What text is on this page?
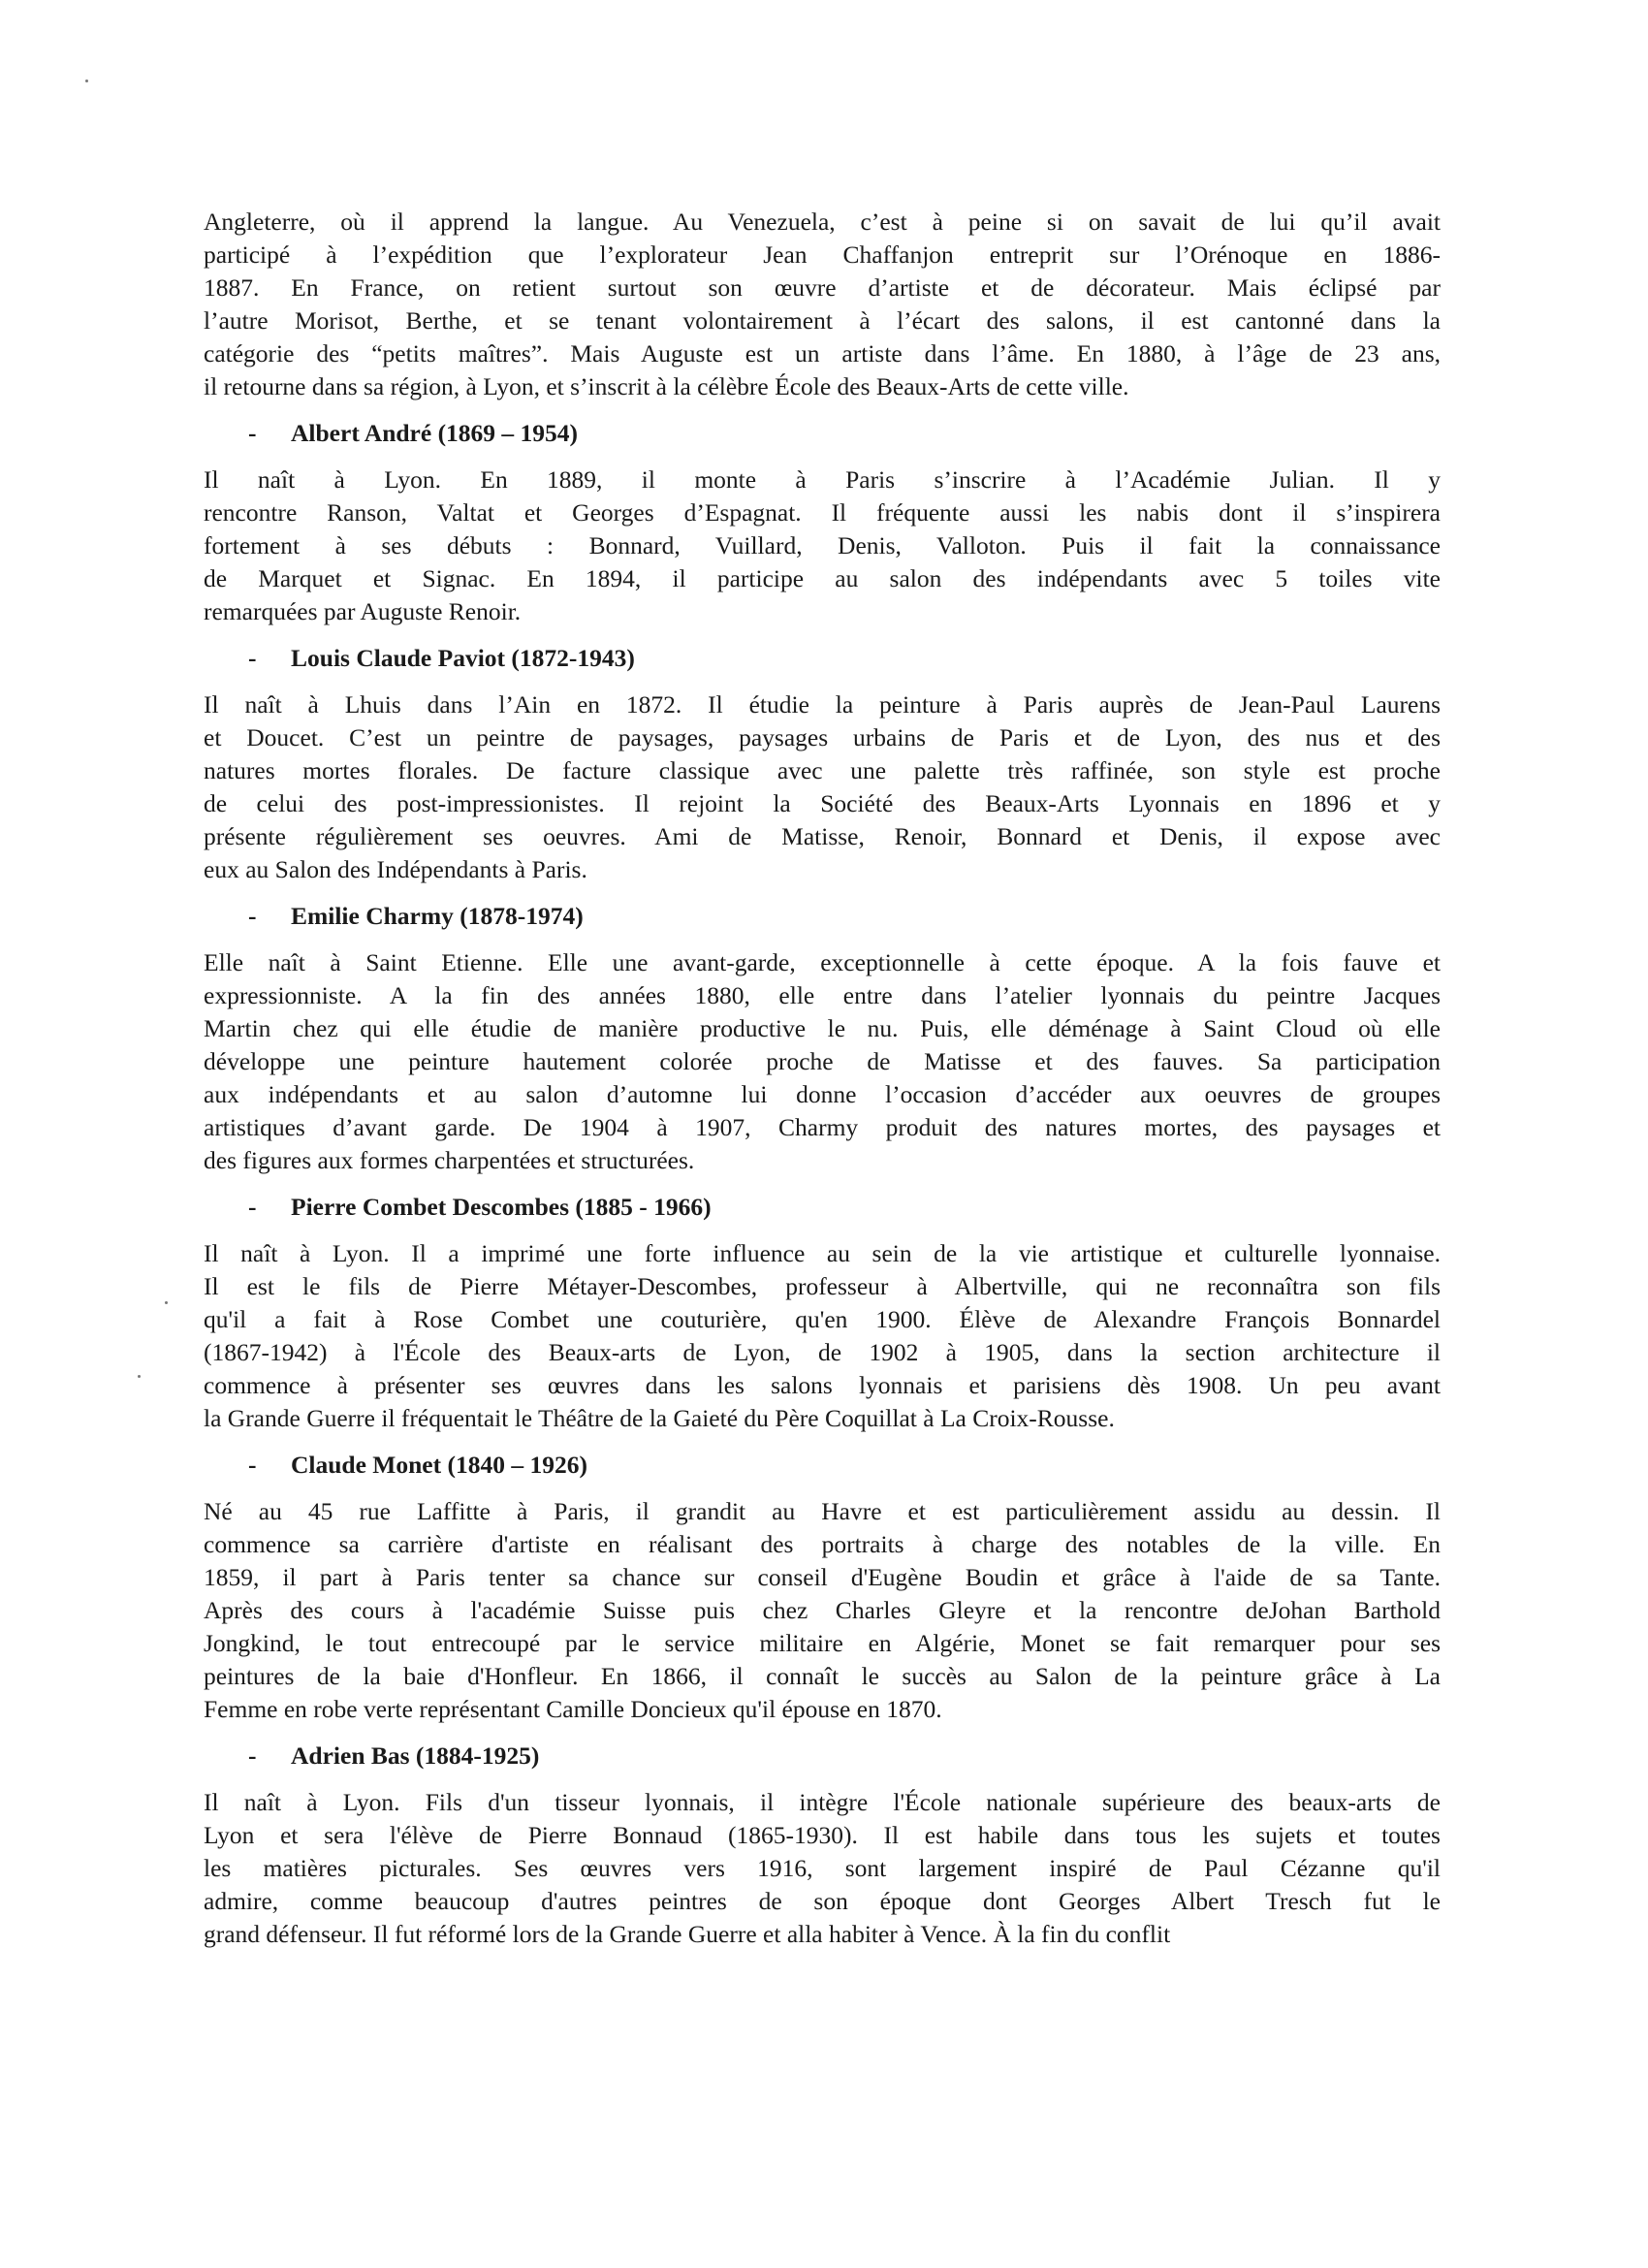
Angleterre, où il apprend la langue. Au Venezuela, c’est à peine si on savait de lui qu’il avait
participé à l’expédition que l’explorateur Jean Chaffanjon entreprit sur l’Orénoque en 1886-
1887. En France, on retient surtout son œuvre d’artiste et de décorateur. Mais éclipsé par
l’autre Morisot, Berthe, et se tenant volontairement à l’écart des salons, il est cantonné dans la
catégorie des “petits maîtres”. Mais Auguste est un artiste dans l’âme. En 1880, à l’âge de 23 ans,
il retourne dans sa région, à Lyon, et s’inscrit à la célèbre École des Beaux-Arts de cette ville.

-	Albert André (1869 – 1954)

Il naît à Lyon. En 1889, il monte à Paris s’inscrire à l’Académie Julian. Il y
rencontre Ranson, Valtat et Georges d’Espagnat. Il fréquente aussi les nabis dont il s’inspirera
fortement à ses débuts : Bonnard, Vuillard, Denis, Valloton. Puis il fait la connaissance
de Marquet et Signac. En 1894, il participe au salon des indépendants avec 5 toiles vite
remarquées par Auguste Renoir.

-	Louis Claude Paviot (1872-1943)

Il naît à Lhuis dans l’Ain en 1872. Il étudie la peinture à Paris auprès de Jean-Paul Laurens
et Doucet. C’est un peintre de paysages, paysages urbains de Paris et de Lyon, des nus et des
natures mortes florales. De facture classique avec une palette très raffinée, son style est proche
de celui des post-impressionistes. Il rejoint la Société des Beaux-Arts Lyonnais en 1896 et y
présente régulièrement ses oeuvres. Ami de Matisse, Renoir, Bonnard et Denis, il expose avec
eux au Salon des Indépendants à Paris.

-	Emilie Charmy (1878-1974)

Elle naît à Saint Etienne. Elle une avant-garde, exceptionnelle à cette époque. A la fois fauve et
expressionniste. A la fin des années 1880, elle entre dans l’atelier lyonnais du peintre Jacques
Martin chez qui elle étudie de manière productive le nu. Puis, elle déménage à Saint Cloud où elle
développe une peinture hautement colorée proche de Matisse et des fauves. Sa participation
aux indépendants et au salon d’automne lui donne l’occasion d’accéder aux oeuvres de groupes
artistiques d’avant garde. De 1904 à 1907, Charmy produit des natures mortes, des paysages et
des figures aux formes charpentées et structurées.

-	Pierre Combet Descombes (1885 - 1966)

Il naît à Lyon. Il a imprimé une forte influence au sein de la vie artistique et culturelle lyonnaise.
Il est le fils de Pierre Métayer-Descombes, professeur à Albertville, qui ne reconnaîtra son fils
qu'il a fait à Rose Combet une couturière, qu'en 1900. Élève de Alexandre François Bonnardel
(1867-1942) à l'École des Beaux-arts de Lyon, de 1902 à 1905, dans la section architecture il
commence à présenter ses œuvres dans les salons lyonnais et parisiens dès 1908. Un peu avant
la Grande Guerre il fréquentait le Théâtre de la Gaieté du Père Coquillat à La Croix-Rousse.

-	Claude Monet (1840 – 1926)

Né au 45 rue Laffitte à Paris, il grandit au Havre et est particulièrement assidu au dessin. Il
commence sa carrière d'artiste en réalisant des portraits à charge des notables de la ville. En
1859, il part à Paris tenter sa chance sur conseil d'Eugène Boudin et grâce à l'aide de sa Tante.
Après des cours à l'académie Suisse puis chez Charles Gleyre et la rencontre deJohan Barthold
Jongkind, le tout entrecoupé par le service militaire en Algérie, Monet se fait remarquer pour ses
peintures de la baie d'Honfleur. En 1866, il connaît le succès au Salon de la peinture grâce à La
Femme en robe verte représentant Camille Doncieux qu'il épouse en 1870.

-	Adrien Bas (1884-1925)

Il naît à Lyon. Fils d'un tisseur lyonnais, il intègre l'École nationale supérieure des beaux-arts de
Lyon et sera l'élève de Pierre Bonnaud (1865-1930). Il est habile dans tous les sujets et toutes
les matières picturales. Ses œuvres vers 1916, sont largement inspiré de Paul Cézanne qu'il
admire, comme beaucoup d'autres peintres de son époque dont Georges Albert Tresch fut le
grand défenseur. Il fut réformé lors de la Grande Guerre et alla habiter à Vence. À la fin du conflit
